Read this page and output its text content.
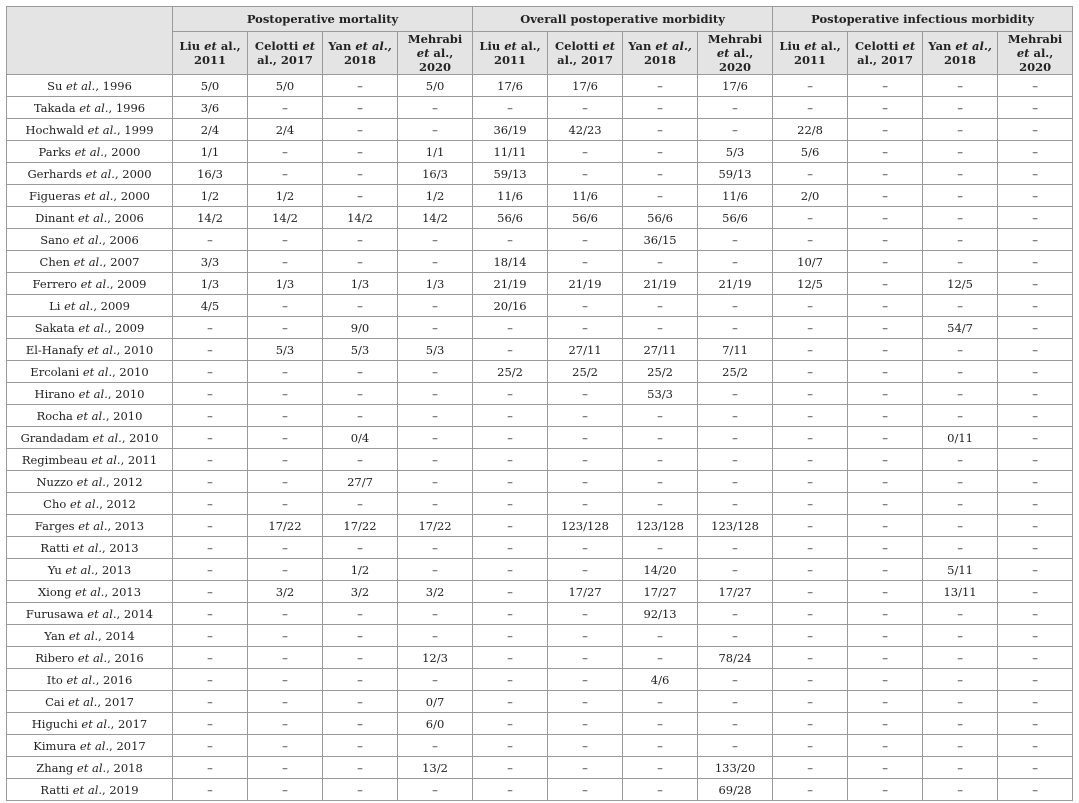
	Postoperative mortality				Overall postoperative morbidity				Postoperative infectious morbidity			
	Liu et al., 2011	Celotti et al., 2017	Yan et al., 2018	Mehrabi et al., 2020	Liu et al., 2011	Celotti et al., 2017	Yan et al., 2018	Mehrabi et al., 2020	Liu et al., 2011	Celotti et al., 2017	Yan et al., 2018	Mehrabi et al., 2020
Su et al., 1996	5/0	5/0	–	5/0	17/6	17/6	–	17/6	–	–	–	–
Takada et al., 1996	3/6	–	–	–	–	–	–	–	–	–	–	–
Hochwald et al., 1999	2/4	2/4	–	–	36/19	42/23	–	–	22/8	–	–	–
Parks et al., 2000	1/1	–	–	1/1	11/11	–	–	5/3	5/6	–	–	–
Gerhards et al., 2000	16/3	–	–	16/3	59/13	–	–	59/13	–	–	–	–
Figueras et al., 2000	1/2	1/2	–	1/2	11/6	11/6	–	11/6	2/0	–	–	–
Dinant et al., 2006	14/2	14/2	14/2	14/2	56/6	56/6	56/6	56/6	–	–	–	–
Sano et al., 2006	–	–	–	–	–	–	36/15	–	–	–	–	–
Chen et al., 2007	3/3	–	–	–	18/14	–	–	–	10/7	–	–	–
Ferrero et al., 2009	1/3	1/3	1/3	1/3	21/19	21/19	21/19	21/19	12/5	–	12/5	–
Li et al., 2009	4/5	–	–	–	20/16	–	–	–	–	–	–	–
Sakata et al., 2009	–	–	9/0	–	–	–	–	–	–	–	54/7	–
El-Hanafy et al., 2010	–	5/3	5/3	5/3	–	27/11	27/11	7/11	–	–	–	–
Ercolani et al., 2010	–	–	–	–	25/2	25/2	25/2	25/2	–	–	–	–
Hirano et al., 2010	–	–	–	–	–	–	53/3	–	–	–	–	–
Rocha et al., 2010	–	–	–	–	–	–	–	–	–	–	–	–
Grandadam et al., 2010	–	–	0/4	–	–	–	–	–	–	–	0/11	–
Regimbeau et al., 2011	–	–	–	–	–	–	–	–	–	–	–	–
Nuzzo et al., 2012	–	–	27/7	–	–	–	–	–	–	–	–	–
Cho et al., 2012	–	–	–	–	–	–	–	–	–	–	–	–
Farges et al., 2013	–	17/22	17/22	17/22	–	123/128	123/128	123/128	–	–	–	–
Ratti et al., 2013	–	–	–	–	–	–	–	–	–	–	–	–
Yu et al., 2013	–	–	1/2	–	–	–	14/20	–	–	–	5/11	–
Xiong et al., 2013	–	3/2	3/2	3/2	–	17/27	17/27	17/27	–	–	13/11	–
Furusawa et al., 2014	–	–	–	–	–	–	92/13	–	–	–	–	–
Yan et al., 2014	–	–	–	–	–	–	–	–	–	–	–	–
Ribero et al., 2016	–	–	–	12/3	–	–	–	78/24	–	–	–	–
Ito et al., 2016	–	–	–	–	–	–	4/6	–	–	–	–	–
Cai et al., 2017	–	–	–	0/7	–	–	–	–	–	–	–	–
Higuchi et al., 2017	–	–	–	6/0	–	–	–	–	–	–	–	–
Kimura et al., 2017	–	–	–	–	–	–	–	–	–	–	–	–
Zhang et al., 2018	–	–	–	13/2	–	–	–	133/20	–	–	–	–
Ratti et al., 2019	–	–	–	–	–	–	–	69/28	–	–	–	–
